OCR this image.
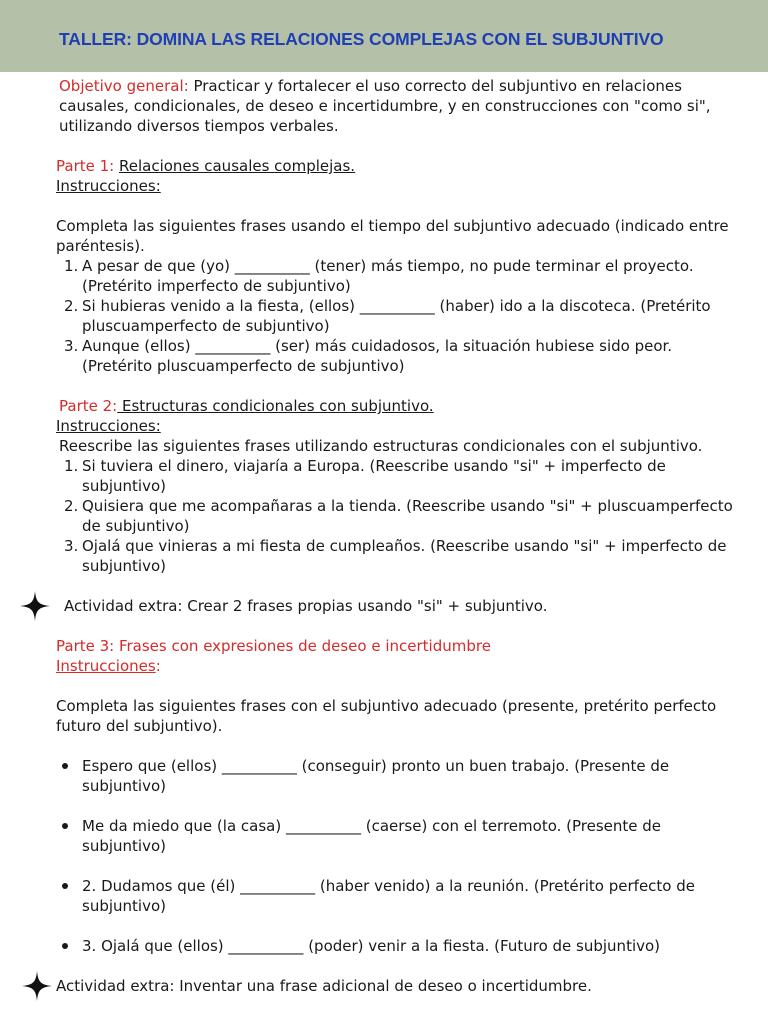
TALLER: DOMINA LAS RELACIONES COMPLEJAS CON EL SUBJUNTIVO

Objetivo general: Practicar y fortalecer el uso correcto del subjuntivo en relaciones causales, condicionales, de deseo e incertidumbre, y en construcciones con "como si", utilizando diversos tiempos verbales.

Parte 1: Relaciones causales complejas.

Instrucciones:

Completa las siguientes frases usando el tiempo del subjuntivo adecuado (indicado entre paréntesis).

1. A pesar de que (yo) __________ (tener) más tiempo, no pude terminar el proyecto. (Pretérito imperfecto de subjuntivo)
2. Si hubieras venido a la fiesta, (ellos) __________ (haber) ido a la discoteca. (Pretérito pluscuamperfecto de subjuntivo)
3. Aunque (ellos) __________ (ser) más cuidadosos, la situación hubiese sido peor. (Pretérito pluscuamperfecto de subjuntivo)

Parte 2: Estructuras condicionales con subjuntivo.

Instrucciones:

Reescribe las siguientes frases utilizando estructuras condicionales con el subjuntivo.

1. Si tuviera el dinero, viajaría a Europa. (Reescribe usando "si" + imperfecto de subjuntivo)
2. Quisiera que me acompañaras a la tienda. (Reescribe usando "si" + pluscuamperfecto de subjuntivo)
3. Ojalá que vinieras a mi fiesta de cumpleaños. (Reescribe usando "si" + imperfecto de subjuntivo)

Actividad extra: Crear 2 frases propias usando "si" + subjuntivo.

Parte 3: Frases con expresiones de deseo e incertidumbre

Instrucciones:

Completa las siguientes frases con el subjuntivo adecuado (presente, pretérito perfecto futuro del subjuntivo).

Espero que (ellos) __________ (conseguir) pronto un buen trabajo. (Presente de subjuntivo)
Me da miedo que (la casa) __________ (caerse) con el terremoto. (Presente de subjuntivo)
2. Dudamos que (él) __________ (haber venido) a la reunión. (Pretérito perfecto de subjuntivo)
3. Ojalá que (ellos) __________ (poder) venir a la fiesta. (Futuro de subjuntivo)

Actividad extra: Inventar una frase adicional de deseo o incertidumbre.
